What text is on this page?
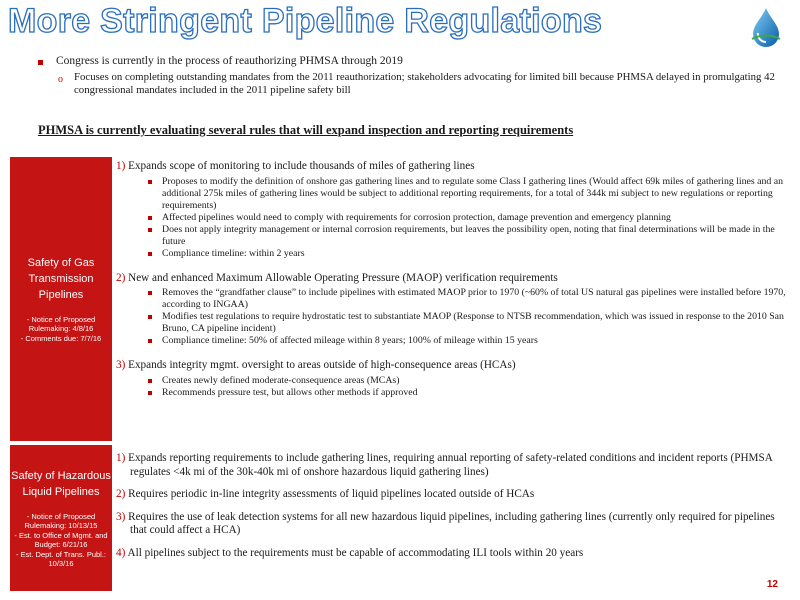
More Stringent Pipeline Regulations
Congress is currently in the process of reauthorizing PHMSA through 2019
o Focuses on completing outstanding mandates from the 2011 reauthorization; stakeholders advocating for limited bill because PHMSA delayed in promulgating 42 congressional mandates included in the 2011 pipeline safety bill
PHMSA is currently evaluating several rules that will expand inspection and reporting requirements
Safety of Gas Transmission Pipelines
- Notice of Proposed Rulemaking: 4/8/16
- Comments due: 7/7/16
Safety of Hazardous Liquid Pipelines
- Notice of Proposed Rulemaking: 10/13/15
- Est. to Office of Mgmt. and Budget: 6/21/16
- Est. Dept. of Trans. Publ.: 10/3/16
1) Expands scope of monitoring to include thousands of miles of gathering lines
Proposes to modify the definition of onshore gas gathering lines and to regulate some Class I gathering lines (Would affect 69k miles of gathering lines and an additional 275k miles of gathering lines would be subject to additional reporting requirements, for a total of 344k mi subject to new regulations or reporting requirements)
Affected pipelines would need to comply with requirements for corrosion protection, damage prevention and emergency planning
Does not apply integrity management or internal corrosion requirements, but leaves the possibility open, noting that final determinations will be made in the future
Compliance timeline: within 2 years
2) New and enhanced Maximum Allowable Operating Pressure (MAOP) verification requirements
Removes the “grandfather clause” to include pipelines with estimated MAOP prior to 1970 (~60% of total US natural gas pipelines were installed before 1970, according to INGAA)
Modifies test regulations to require hydrostatic test to substantiate MAOP (Response to NTSB recommendation, which was issued in response to the 2010 San Bruno, CA pipeline incident)
Compliance timeline: 50% of affected mileage within 8 years; 100% of mileage within 15 years
3) Expands integrity mgmt. oversight to areas outside of high-consequence areas (HCAs)
Creates newly defined moderate-consequence areas (MCAs)
Recommends pressure test, but allows other methods if approved
1) Expands reporting requirements to include gathering lines, requiring annual reporting of safety-related conditions and incident reports (PHMSA regulates <4k mi of the 30k-40k mi of onshore hazardous liquid gathering lines)
2) Requires periodic in-line integrity assessments of liquid pipelines located outside of HCAs
3) Requires the use of leak detection systems for all new hazardous liquid pipelines, including gathering lines (currently only required for pipelines that could affect a HCA)
4) All pipelines subject to the requirements must be capable of accommodating ILI tools within 20 years
12
